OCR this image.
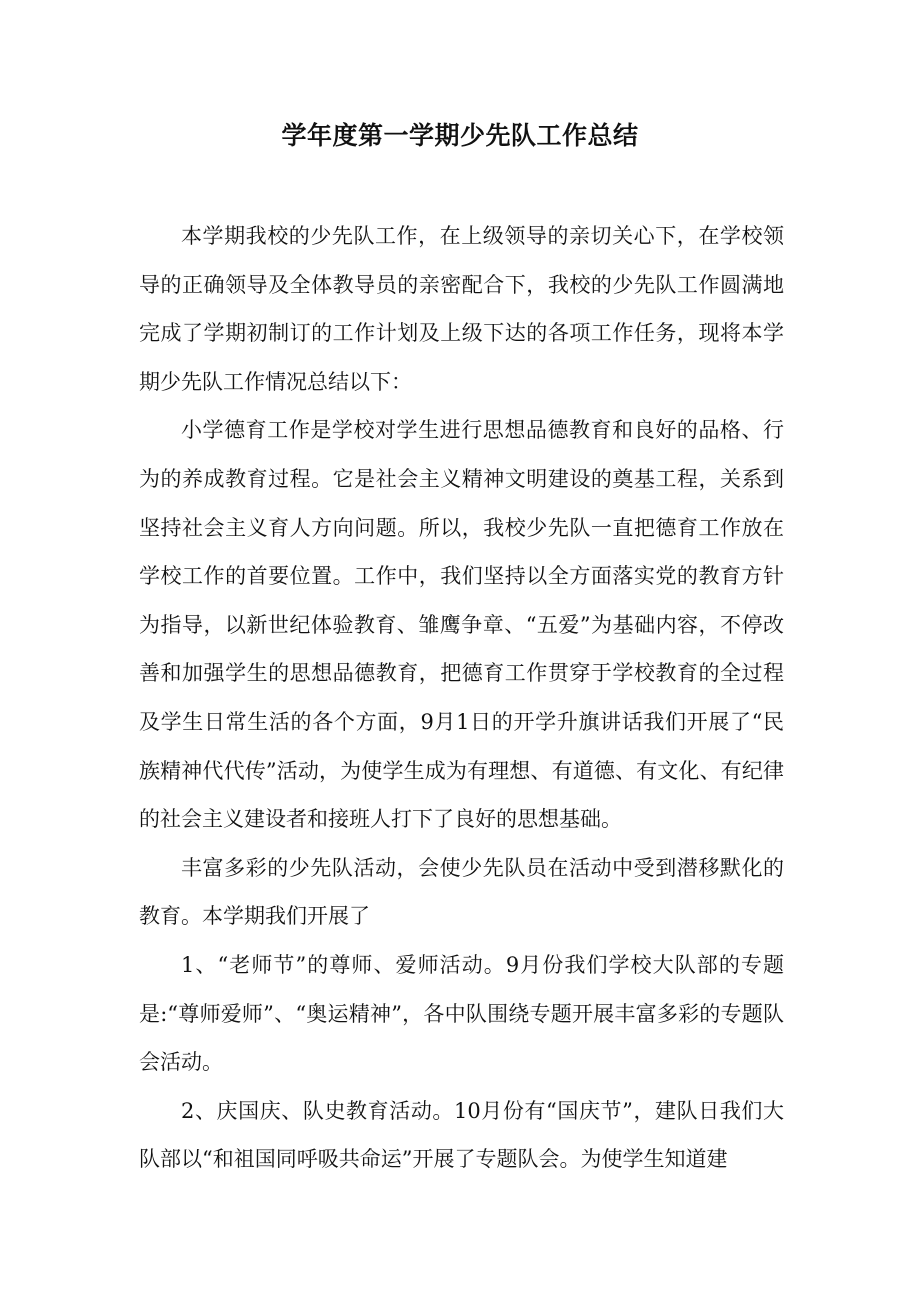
学年度第一学期少先队工作总结

本学期我校的少先队工作，在上级领导的亲切关心下，在学校领导的正确领导及全体教导员的亲密配合下，我校的少先队工作圆满地完成了学期初制订的工作计划及上级下达的各项工作任务，现将本学期少先队工作情况总结以下：

小学德育工作是学校对学生进行思想品德教育和良好的品格、行为的养成教育过程。它是社会主义精神文明建设的奠基工程，关系到坚持社会主义育人方向问题。所以，我校少先队一直把德育工作放在学校工作的首要位置。工作中，我们坚持以全方面落实党的教育方针为指导，以新世纪体验教育、雏鹰争章、“五爱”为基础内容，不停改善和加强学生的思想品德教育，把德育工作贯穿于学校教育的全过程及学生日常生活的各个方面，9月1日的开学升旗讲话我们开展了“民族精神代代传”活动，为使学生成为有理想、有道德、有文化、有纪律的社会主义建设者和接班人打下了良好的思想基础。

丰富多彩的少先队活动，会使少先队员在活动中受到潜移默化的教育。本学期我们开展了

1、“老师节”的尊师、爱师活动。9月份我们学校大队部的专题是:“尊师爱师”、“奥运精神”，各中队围绕专题开展丰富多彩的专题队会活动。

2、庆国庆、队史教育活动。10月份有“国庆节”，建队日我们大队部以“和祖国同呼吸共命运”开展了专题队会。为使学生知道建
